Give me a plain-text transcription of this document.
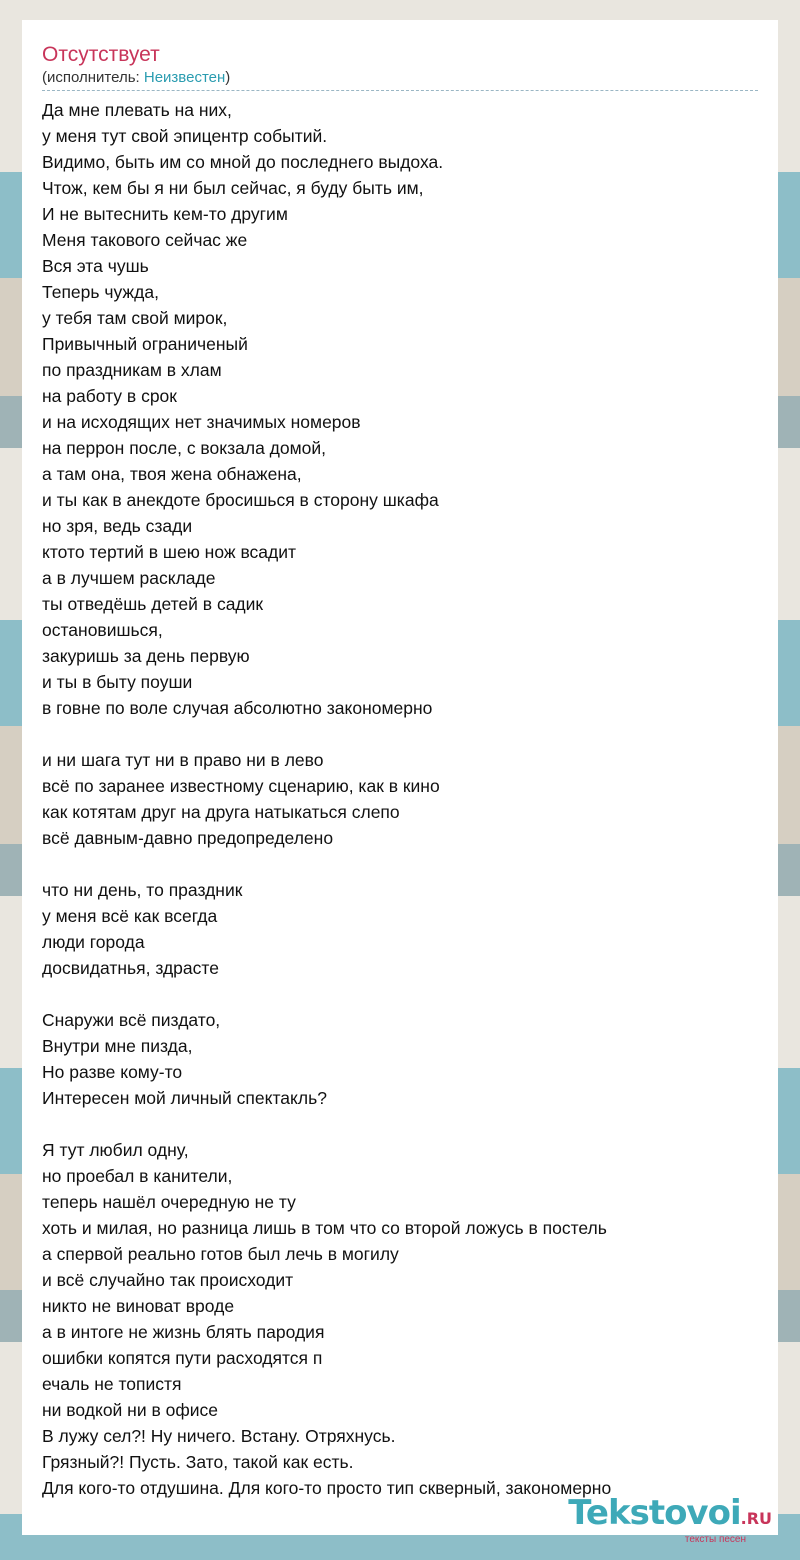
Отсутствует
(исполнитель: Неизвестен)
Да мне плевать на них,
у меня тут свой эпицентр событий.
Видимо, быть им со мной до последнего выдоха.
Чтож, кем бы я ни был сейчас, я буду быть им,
И не вытеснить кем-то другим
Меня такового сейчас же
Вся эта чушь
Теперь чужда,
у тебя там свой мирок,
Привычный ограниченый
по праздникам в хлам
на работу в срок
и на исходящих нет значимых номеров
на перрон после, с вокзала домой,
а там она, твоя жена обнажена,
и ты как в анекдоте бросишься в сторону шкафа
но зря, ведь сзади
ктото тертий в шею нож всадит
а в лучшем раскладе
ты отведёшь детей в садик
остановишься,
закуришь за день первую
и ты в быту поуши
в говне по воле случая абсолютно закономерно
и ни шага тут ни в право ни в лево
всё по заранее известному сценарию, как в кино
как котятам друг на друга натыкаться слепо
всё давным-давно предопределено
что ни день, то праздник
у меня всё как всегда
люди города
досвидатнья, здрасте
Снаружи всё пиздато,
Внутри мне пизда,
Но разве кому-то
Интересен мой личный спектакль?
Я тут любил одну,
но проебал в канители,
теперь нашёл очередную не ту
хоть и милая, но разница лишь в том что со второй ложусь в постель
а спервой реально готов был лечь в могилу
и всё случайно так происходит
никто не виноват вроде
а в интоге не жизнь блять пародия
ошибки копятся пути расходятся п
ечаль не топистя
ни водкой ни в офисе
В лужу сел?! Ну ничего. Встану. Отряхнусь.
Грязный?! Пусть. Зато, такой как есть.
Для кого-то отдушина. Для кого-то просто тип скверный, закономерно
Tekstovoi.RU
тексты песен
